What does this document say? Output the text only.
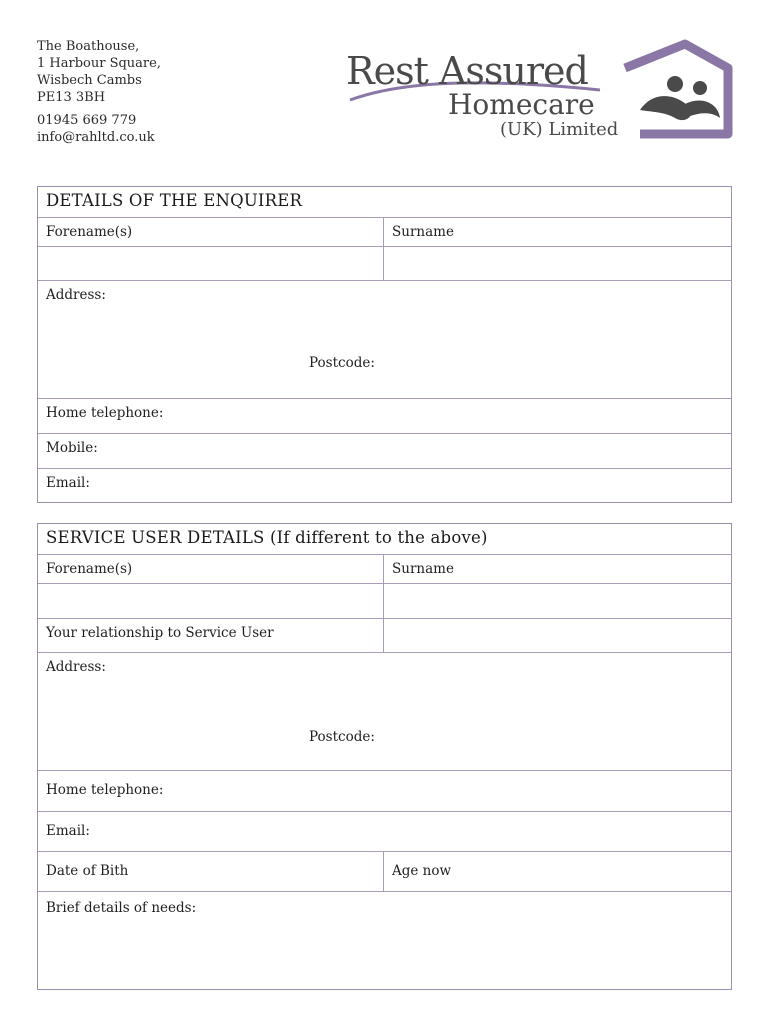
The Boathouse,
1 Harbour Square,
Wisbech Cambs
PE13 3BH
01945 669 779
info@rahltd.co.uk
Rest Assured
Homecare
(UK) Limited
DETAILS OF THE ENQUIRER
Forename(s)	Surname
Address:
Postcode:
Home telephone:
Mobile:
Email:
SERVICE USER DETAILS (If different to the above)
Forename(s)	Surname
Your relationship to Service User
Address:
Postcode:
Home telephone:
Email:
Date of Bith	Age now
Brief details of needs:
